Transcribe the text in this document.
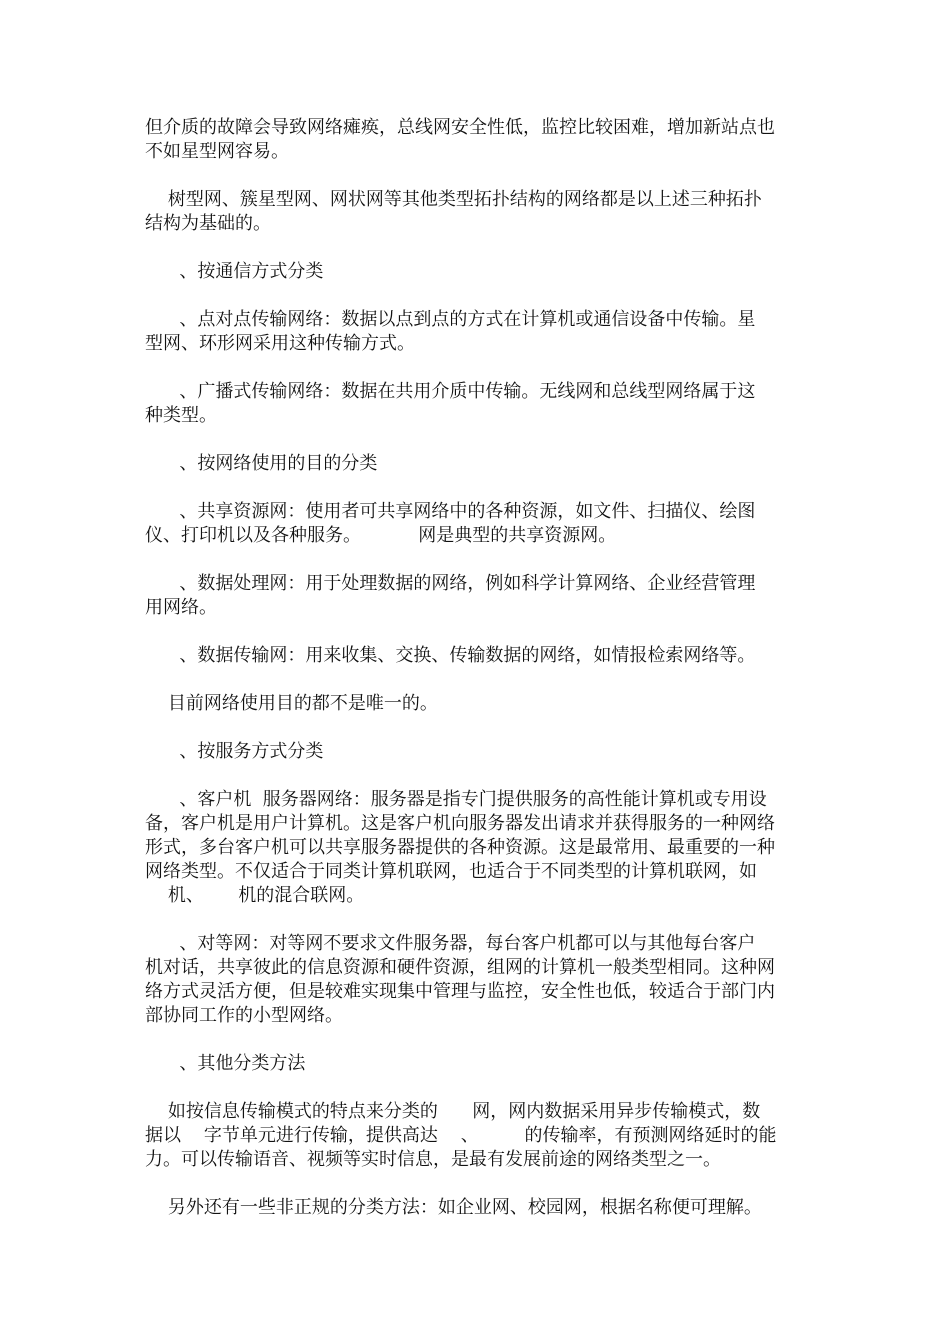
但介质的故障会导致网络瘫痪，总线网安全性低，监控比较困难，增加新站点也

不如星型网容易。

树型网、簇星型网、网状网等其他类型拓扑结构的网络都是以上述三种拓扑

结构为基础的。

、按通信方式分类

、点对点传输网络：数据以点到点的方式在计算机或通信设备中传输。星

型网、环形网采用这种传输方式。

、广播式传输网络：数据在共用介质中传输。无线网和总线型网络属于这

种类型。

、按网络使用的目的分类

、共享资源网：使用者可共享网络中的各种资源，如文件、扫描仪、绘图

仪、打印机以及各种服务。          网是典型的共享资源网。

、数据处理网：用于处理数据的网络，例如科学计算网络、企业经营管理

用网络。

、数据传输网：用来收集、交换、传输数据的网络，如情报检索网络等。

目前网络使用目的都不是唯一的。

、按服务方式分类

、客户机  服务器网络：服务器是指专门提供服务的高性能计算机或专用设

备，客户机是用户计算机。这是客户机向服务器发出请求并获得服务的一种网络

形式，多台客户机可以共享服务器提供的各种资源。这是最常用、最重要的一种

网络类型。不仅适合于同类计算机联网，也适合于不同类型的计算机联网，如

机、      机的混合联网。

、对等网：对等网不要求文件服务器，每台客户机都可以与其他每台客户

机对话，共享彼此的信息资源和硬件资源，组网的计算机一般类型相同。这种网

络方式灵活方便，但是较难实现集中管理与监控，安全性也低，较适合于部门内

部协同工作的小型网络。

、其他分类方法

如按信息传输模式的特点来分类的      网，网内数据采用异步传输模式，数

据以    字节单元进行传输，提供高达    、        的传输率，有预测网络延时的能

力。可以传输语音、视频等实时信息，是最有发展前途的网络类型之一。

另外还有一些非正规的分类方法：如企业网、校园网，根据名称便可理解。
